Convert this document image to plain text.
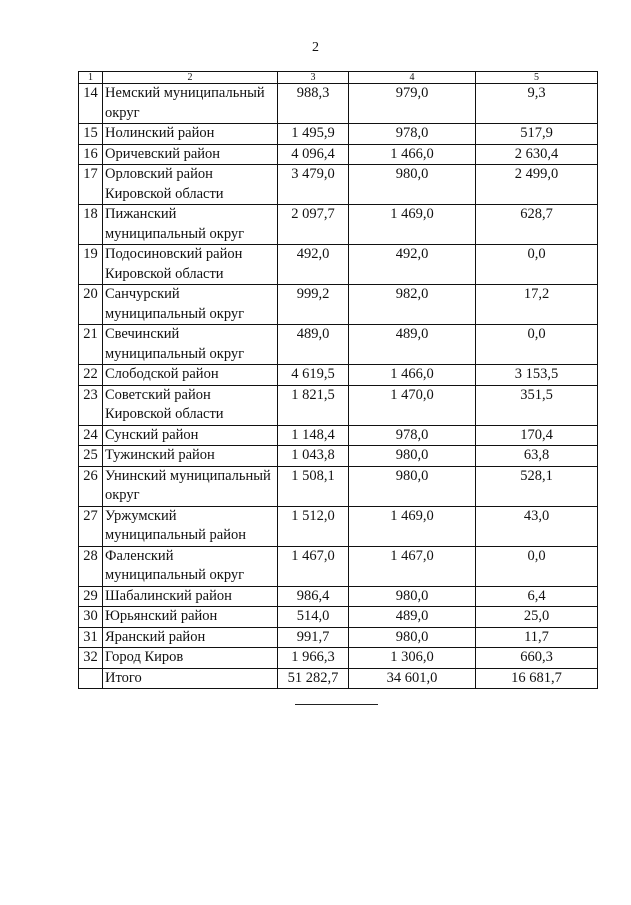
2
1	2	3	4	5
14	Немский муниципальный округ	988,3	979,0	9,3
15	Нолинский район	1 495,9	978,0	517,9
16	Оричевский район	4 096,4	1 466,0	2 630,4
17	Орловский район Кировской области	3 479,0	980,0	2 499,0
18	Пижанский муниципальный округ	2 097,7	1 469,0	628,7
19	Подосиновский район Кировской области	492,0	492,0	0,0
20	Санчурский муниципальный округ	999,2	982,0	17,2
21	Свечинский муниципальный округ	489,0	489,0	0,0
22	Слободской район	4 619,5	1 466,0	3 153,5
23	Советский район Кировской области	1 821,5	1 470,0	351,5
24	Сунский район	1 148,4	978,0	170,4
25	Тужинский район	1 043,8	980,0	63,8
26	Унинский муниципальный округ	1 508,1	980,0	528,1
27	Уржумский муниципальный район	1 512,0	1 469,0	43,0
28	Фаленский муниципальный округ	1 467,0	1 467,0	0,0
29	Шабалинский район	986,4	980,0	6,4
30	Юрьянский район	514,0	489,0	25,0
31	Яранский район	991,7	980,0	11,7
32	Город Киров	1 966,3	1 306,0	660,3
	Итого	51 282,7	34 601,0	16 681,7
